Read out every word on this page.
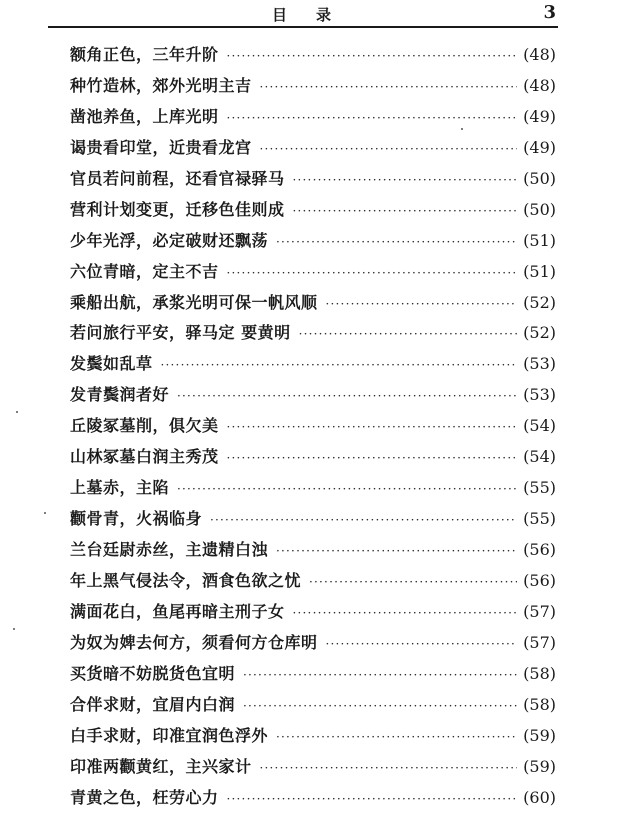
目 录	3
额角正色，三年升阶 ·····	(48)
种竹造林，郊外光明主吉 ·····	(48)
凿池养鱼，上库光明 ·····	(49)
谒贵看印堂，近贵看龙宫 ·····	(49)
官员若问前程，还看官禄驿马 ·····	(50)
营利计划变更，迁移色佳则成 ·····	(50)
少年光浮，必定破财还飘荡 ·····	(51)
六位青暗，定主不吉 ·····	(51)
乘船出航，承浆光明可保一帆风顺 ·····	(52)
若问旅行平安，驿马定 要黄明 ·····	(52)
发鬓如乱草 ·····	(53)
发青鬓润者好 ·····	(53)
丘陵冢墓削，俱欠美 ·····	(54)
山林冢墓白润主秀茂 ·····	(54)
上墓赤，主陷 ·····	(55)
颧骨青，火祸临身 ·····	(55)
兰台廷尉赤丝，主遗精白浊 ·····	(56)
年上黑气侵法令，酒食色欲之忧 ·····	(56)
满面花白，鱼尾再暗主刑子女 ·····	(57)
为奴为婢去何方，须看何方仓库明 ·····	(57)
买货暗不妨脱货色宜明 ·····	(58)
合伴求财，宜眉内白润 ·····	(58)
白手求财，印准宜润色浮外 ·····	(59)
印准两颧黄红，主兴家计 ·····	(59)
青黄之色，枉劳心力 ·····	(60)
